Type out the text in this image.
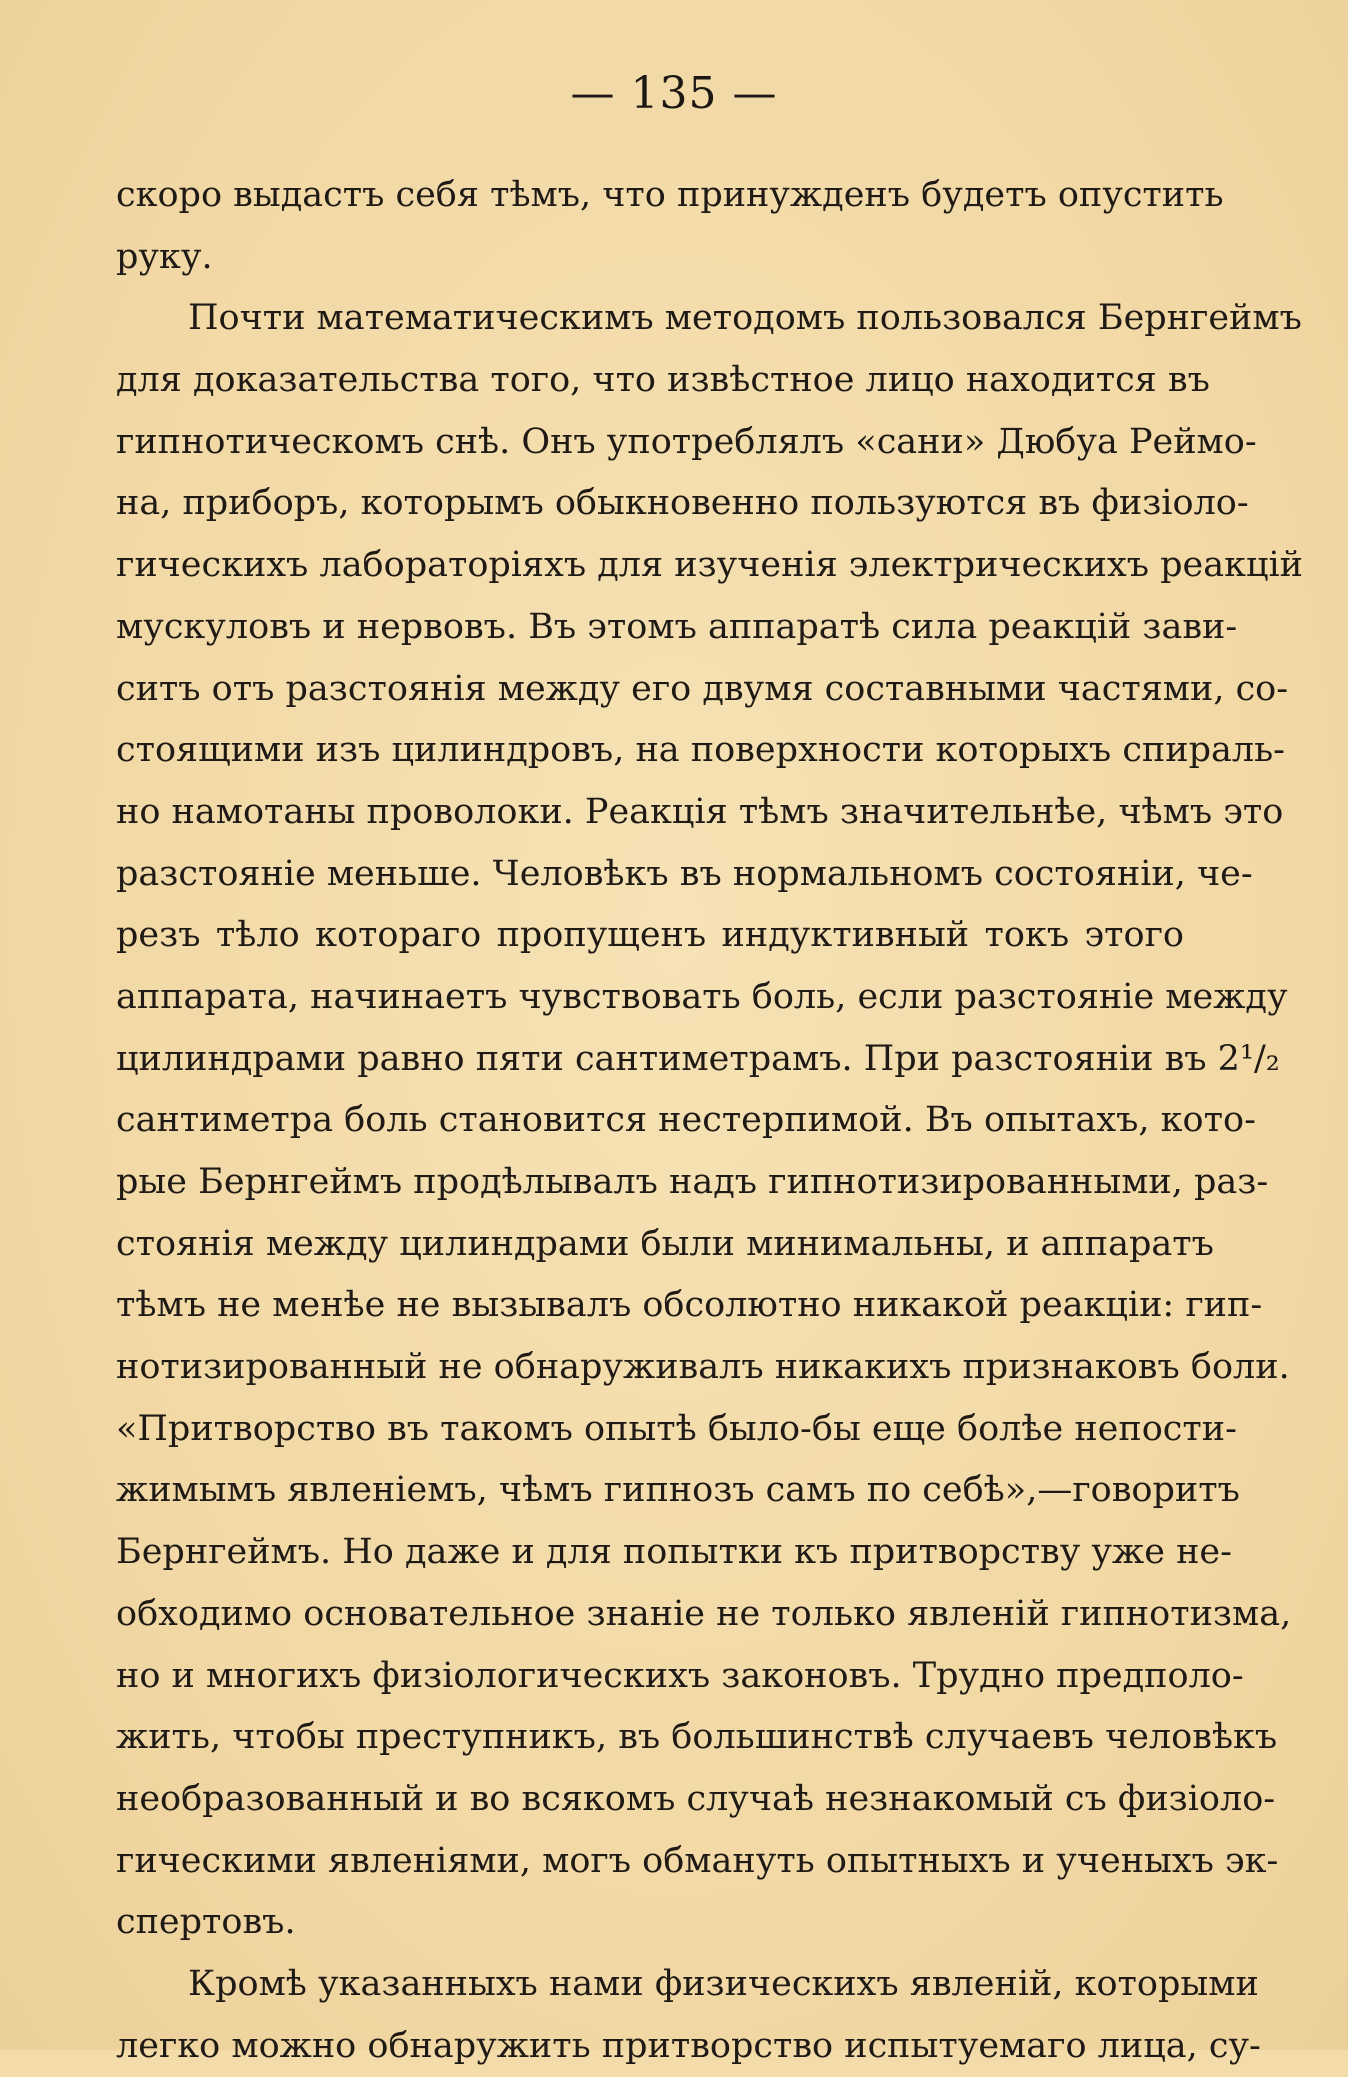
— 135 —
скоро выдастъ себя тѣмъ, что принужденъ будетъ опустить
руку.
Почти математическимъ методомъ пользовался Бернгеймъ
для доказательства того, что извѣстное лицо находится въ
гипнотическомъ снѣ. Онъ употреблялъ «сани» Дюбуа Реймо-
на, приборъ, которымъ обыкновенно пользуются въ физіоло-
гическихъ лабораторіяхъ для изученія электрическихъ реакцій
мускуловъ и нервовъ. Въ этомъ аппаратѣ сила реакцій зави-
ситъ отъ разстоянія между его двумя составными частями, со-
стоящими изъ цилиндровъ, на поверхности которыхъ спираль-
но намотаны проволоки. Реакція тѣмъ значительнѣе, чѣмъ это
разстояніе меньше. Человѣкъ въ нормальномъ состояніи, че-
резъ тѣло котораго пропущенъ индуктивный токъ этого
аппарата, начинаетъ чувствовать боль, если разстояніе между
цилиндрами равно пяти сантиметрамъ. При разстояніи въ 2¹/₂
сантиметра боль становится нестерпимой. Въ опытахъ, кото-
рые Бернгеймъ продѣлывалъ надъ гипнотизированными, раз-
стоянія между цилиндрами были минимальны, и аппаратъ
тѣмъ не менѣе не вызывалъ обсолютно никакой реакціи: гип-
нотизированный не обнаруживалъ никакихъ признаковъ боли.
«Притворство въ такомъ опытѣ было-бы еще болѣе непости-
жимымъ явленіемъ, чѣмъ гипнозъ самъ по себѣ»,—говоритъ
Бернгеймъ. Но даже и для попытки къ притворству уже не-
обходимо основательное знаніе не только явленій гипнотизма,
но и многихъ физіологическихъ законовъ. Трудно предполо-
жить, чтобы преступникъ, въ большинствѣ случаевъ человѣкъ
необразованный и во всякомъ случаѣ незнакомый съ физіоло-
гическими явленіями, могъ обмануть опытныхъ и ученыхъ эк-
спертовъ.
Кромѣ указанныхъ нами физическихъ явленій, которыми
легко можно обнаружить притворство испытуемаго лица, су-
